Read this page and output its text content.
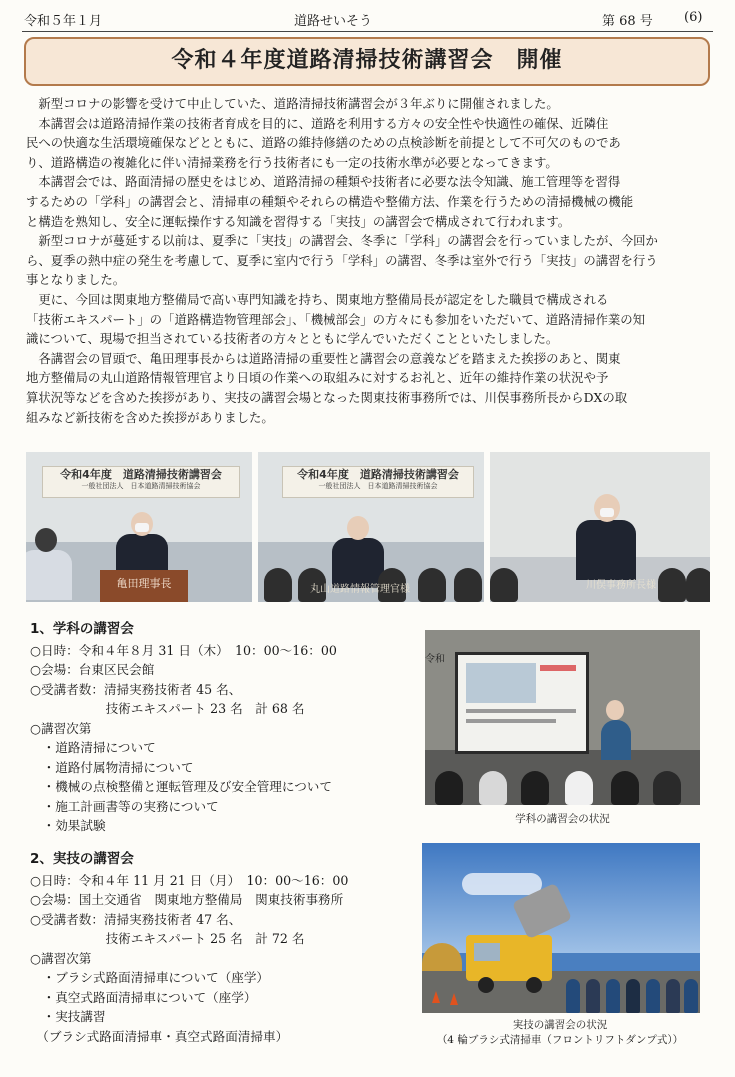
令和５年１月	道路せいそう	第 68 号 (6)
令和４年度道路清掃技術講習会　開催

新型コロナの影響を受けて中止していた、道路清掃技術講習会が３年ぶりに開催されました。

本講習会は道路清掃作業の技術者育成を目的に、道路を利用する方々の安全性や快適性の確保、近隣住
民への快適な生活環境確保などとともに、道路の維持修繕のための点検診断を前提として不可欠のものであ
り、道路構造の複雑化に伴い清掃業務を行う技術者にも一定の技術水準が必要となってきます。

本講習会では、路面清掃の歴史をはじめ、道路清掃の種類や技術者に必要な法令知識、施工管理等を習得
するための「学科」の講習会と、清掃車の種類やそれらの構造や整備方法、作業を行うための清掃機械の機能
と構造を熟知し、安全に運転操作する知識を習得する「実技」の講習会で構成されて行われます。

新型コロナが蔓延する以前は、夏季に「実技」の講習会、冬季に「学科」の講習会を行っていましたが、今回か
ら、夏季の熱中症の発生を考慮して、夏季に室内で行う「学科」の講習、冬季は室外で行う「実技」の講習を行う
事となりました。

更に、今回は関東地方整備局で高い専門知識を持ち、関東地方整備局長が認定をした職員で構成される
「技術エキスパート」の「道路構造物管理部会」、「機械部会」の方々にも参加をいただいて、道路清掃作業の知
識について、現場で担当されている技術者の方々とともに学んでいただくことといたしました。

各講習会の冒頭で、亀田理事長からは道路清掃の重要性と講習会の意義などを踏まえた挨拶のあと、関東
地方整備局の丸山道路情報管理官より日頃の作業への取組みに対するお礼と、近年の維持作業の状況や予
算状況等などを含めた挨拶があり、実技の講習会場となった関東技術事務所では、川俣事務所長からDXの取
組みなど新技術を含めた挨拶がありました。

令和4年度　道路清掃技術講習会
一般社団法人　日本道路清掃技術協会
亀田理事長
令和4年度　道路清掃技術講習会
一般社団法人　日本道路清掃技術協会
丸山道路情報管理官様	川俣事務所長様
1、学科の講習会
○日時：令和４年８月 31 日（木）　10：00～16：00
○会場：台東区民会館
○受講者数：清掃実務技術者 45 名、
　　　　　　技術エキスパート 23 名　計 68 名
○講習次第
　・道路清掃について
　・道路付属物清掃について
　・機械の点検整備と運転管理及び安全管理について
　・施工計画書等の実務について
　・効果試験
令和
学科の講習会の状況
2、実技の講習会
○日時：令和４年 11 月 21 日（月）　10：00～16：00
○会場：国土交通省　関東地方整備局　関東技術事務所
○受講者数：清掃実務技術者 47 名、
　　　　　　技術エキスパート 25 名　計 72 名
○講習次第
　・ブラシ式路面清掃車について（座学）
　・真空式路面清掃車について（座学）
　・実技講習
　（ブラシ式路面清掃車・真空式路面清掃車）
実技の講習会の状況
（4 輪ブラシ式清掃車（フロントリフトダンプ式））
